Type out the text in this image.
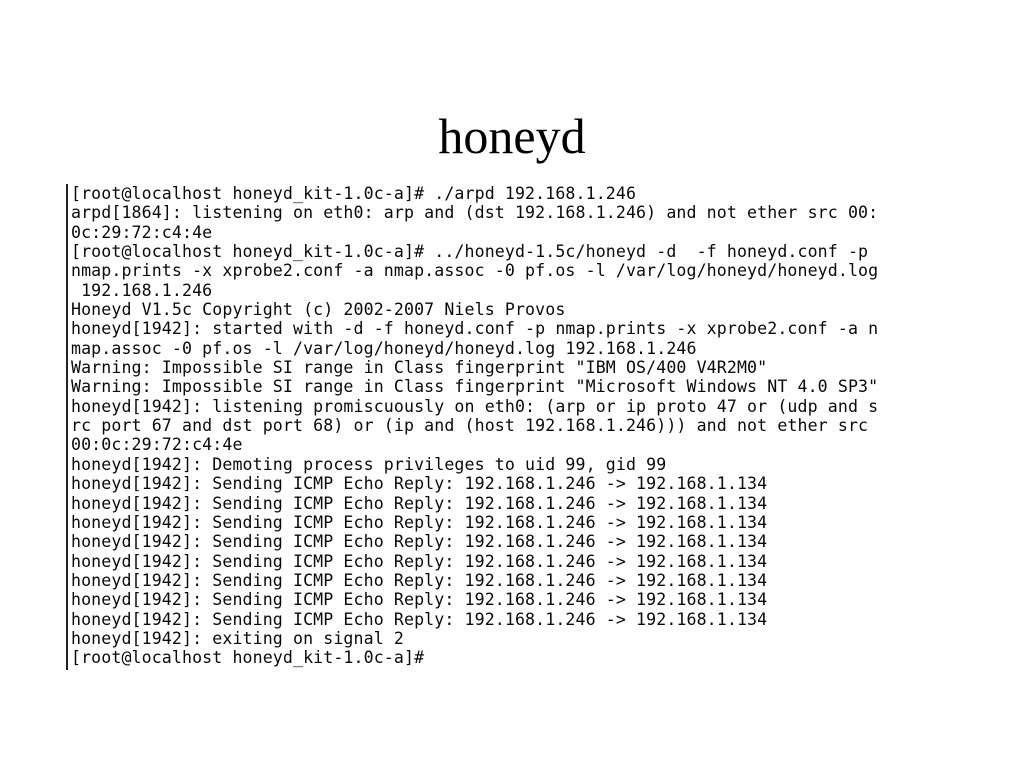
honeyd
[root@localhost honeyd_kit-1.0c-a]# ./arpd 192.168.1.246
arpd[1864]: listening on eth0: arp and (dst 192.168.1.246) and not ether src 00:
0c:29:72:c4:4e
[root@localhost honeyd_kit-1.0c-a]# ../honeyd-1.5c/honeyd -d  -f honeyd.conf -p
nmap.prints -x xprobe2.conf -a nmap.assoc -0 pf.os -l /var/log/honeyd/honeyd.log
192.168.1.246
Honeyd V1.5c Copyright (c) 2002-2007 Niels Provos
honeyd[1942]: started with -d -f honeyd.conf -p nmap.prints -x xprobe2.conf -a n
map.assoc -0 pf.os -l /var/log/honeyd/honeyd.log 192.168.1.246
Warning: Impossible SI range in Class fingerprint "IBM OS/400 V4R2M0"
Warning: Impossible SI range in Class fingerprint "Microsoft Windows NT 4.0 SP3"
honeyd[1942]: listening promiscuously on eth0: (arp or ip proto 47 or (udp and s
rc port 67 and dst port 68) or (ip and (host 192.168.1.246))) and not ether src
00:0c:29:72:c4:4e
honeyd[1942]: Demoting process privileges to uid 99, gid 99
honeyd[1942]: Sending ICMP Echo Reply: 192.168.1.246 -> 192.168.1.134
honeyd[1942]: Sending ICMP Echo Reply: 192.168.1.246 -> 192.168.1.134
honeyd[1942]: Sending ICMP Echo Reply: 192.168.1.246 -> 192.168.1.134
honeyd[1942]: Sending ICMP Echo Reply: 192.168.1.246 -> 192.168.1.134
honeyd[1942]: Sending ICMP Echo Reply: 192.168.1.246 -> 192.168.1.134
honeyd[1942]: Sending ICMP Echo Reply: 192.168.1.246 -> 192.168.1.134
honeyd[1942]: Sending ICMP Echo Reply: 192.168.1.246 -> 192.168.1.134
honeyd[1942]: Sending ICMP Echo Reply: 192.168.1.246 -> 192.168.1.134
honeyd[1942]: exiting on signal 2
[root@localhost honeyd_kit-1.0c-a]#
